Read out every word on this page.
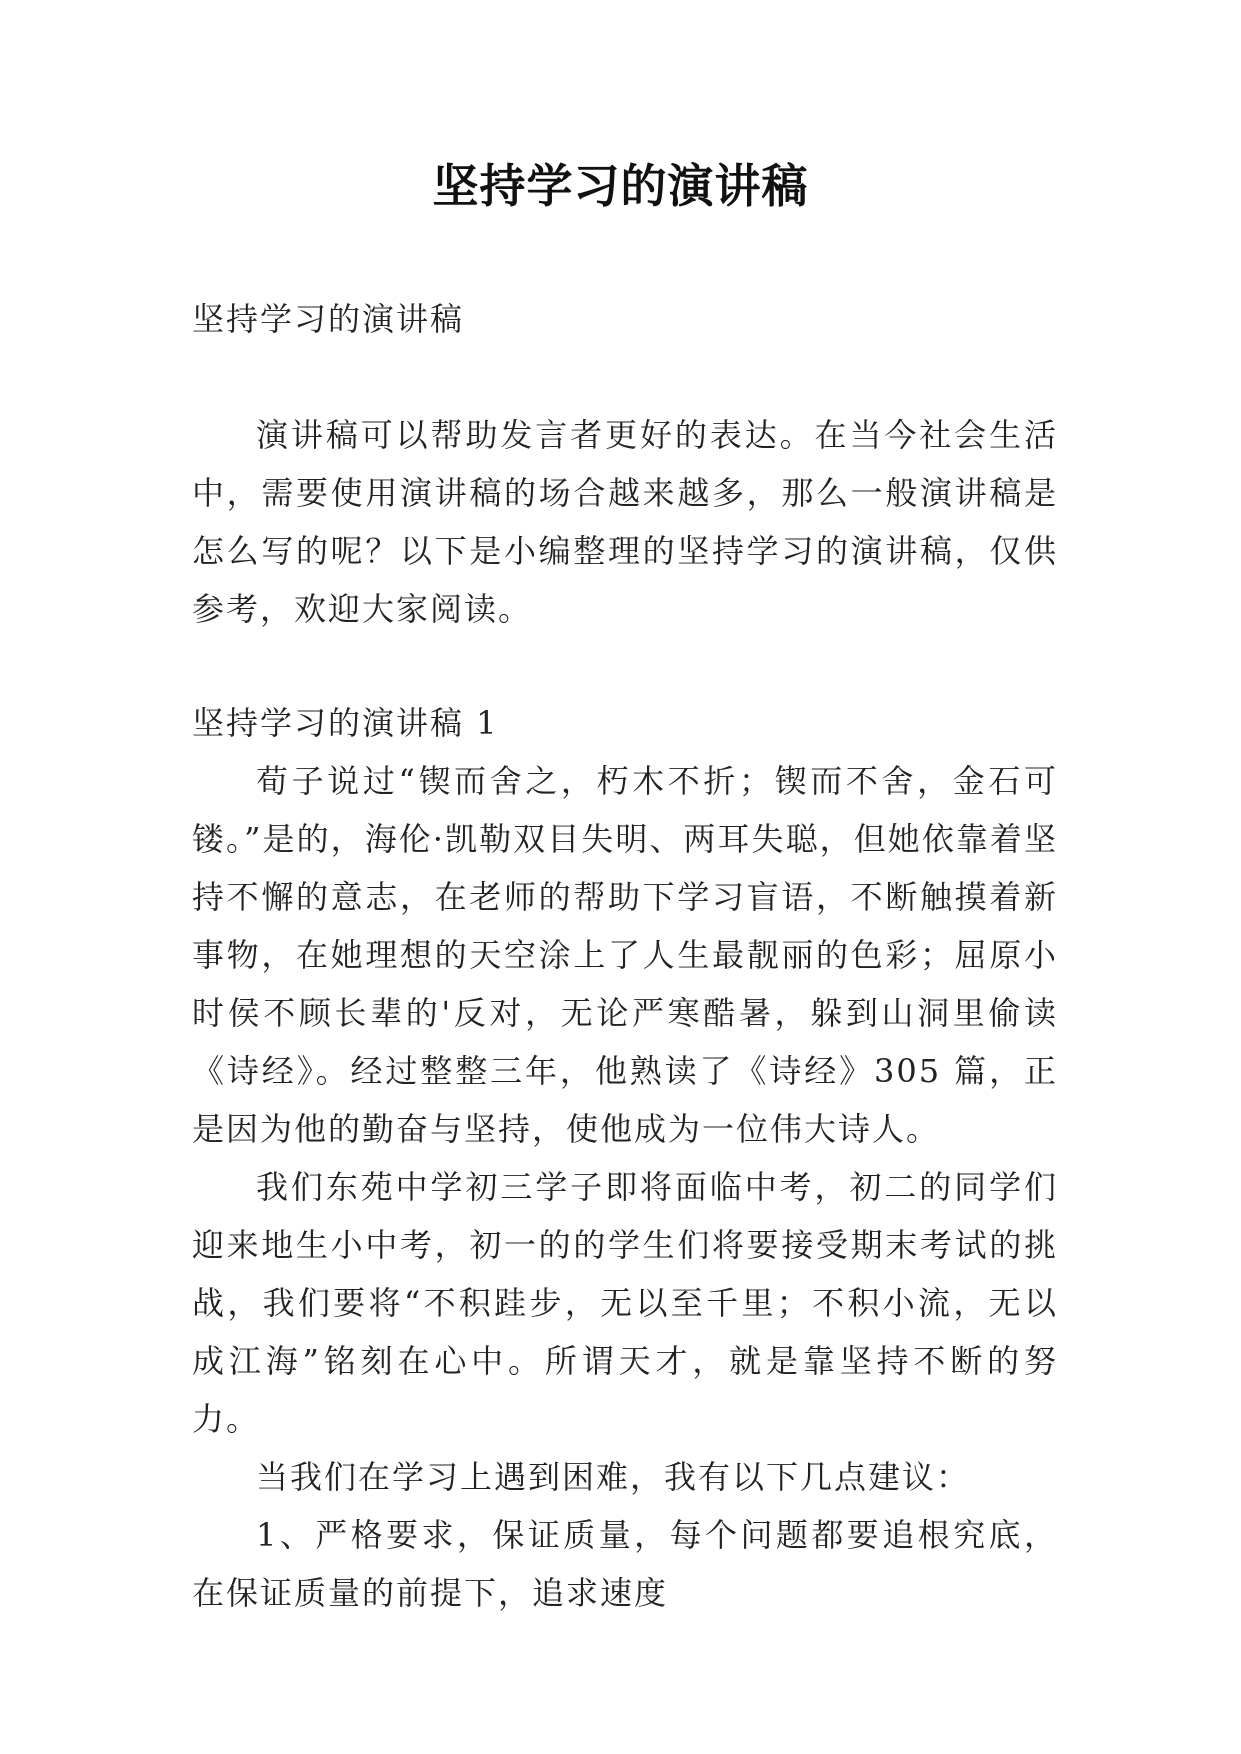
坚持学习的演讲稿

坚持学习的演讲稿

演讲稿可以帮助发言者更好的表达。在当今社会生活中，需要使用演讲稿的场合越来越多，那么一般演讲稿是怎么写的呢？以下是小编整理的坚持学习的演讲稿，仅供参考，欢迎大家阅读。

坚持学习的演讲稿 1

荀子说过“锲而舍之，朽木不折；锲而不舍，金石可镂。”是的，海伦·凯勒双目失明、两耳失聪，但她依靠着坚持不懈的意志，在老师的帮助下学习盲语，不断触摸着新事物，在她理想的天空涂上了人生最靓丽的色彩；屈原小时侯不顾长辈的'反对，无论严寒酷暑，躲到山洞里偷读《诗经》。经过整整三年，他熟读了《诗经》305 篇，正是因为他的勤奋与坚持，使他成为一位伟大诗人。

我们东苑中学初三学子即将面临中考，初二的同学们迎来地生小中考，初一的的学生们将要接受期末考试的挑战，我们要将“不积跬步，无以至千里；不积小流，无以成江海”铭刻在心中。所谓天才，就是靠坚持不断的努力。

当我们在学习上遇到困难，我有以下几点建议：

1、严格要求，保证质量，每个问题都要追根究底，在保证质量的前提下，追求速度
